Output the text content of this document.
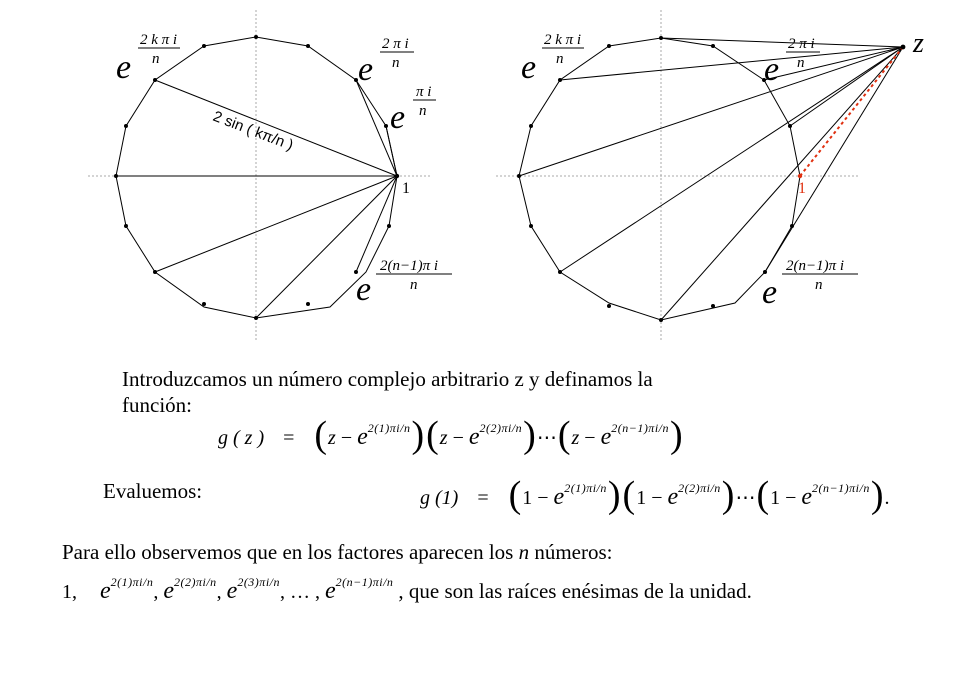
e
2 k π i
n	e
2 π i
n
e
π i
n
2 sin ( kπ/n )
1
e
2(n−1)π i
n
e
2 k π i
n	e
2 π i
n
z
1
e
2(n−1)π i
n
Introduzcamos un número complejo arbitrario z y definamos la
función:
g ( z ) = $(z - e^{2(1)\pi i/n})(z$ − $e^{2(2)\pi i/n})\cdots(z - e^{2(n-1)\pi i/n})$
Evaluemos:	g $(1) = (1 - e^{2(1)\pi i/n})(1$ − $e^{2(2)\pi i/n})\cdots(1 - e^{2(n-1)\pi i/n})$.
Para ello observemos que en los factores aparecen los n números:
1, $e^{2(1)\pi i/n}$, $e^{2(2)\pi i/n}$, $e^{2(3)\pi i/n}$, … , $e^{2(n-1)\pi i/n}$ , que son las raíces enésimas de la unidad.
